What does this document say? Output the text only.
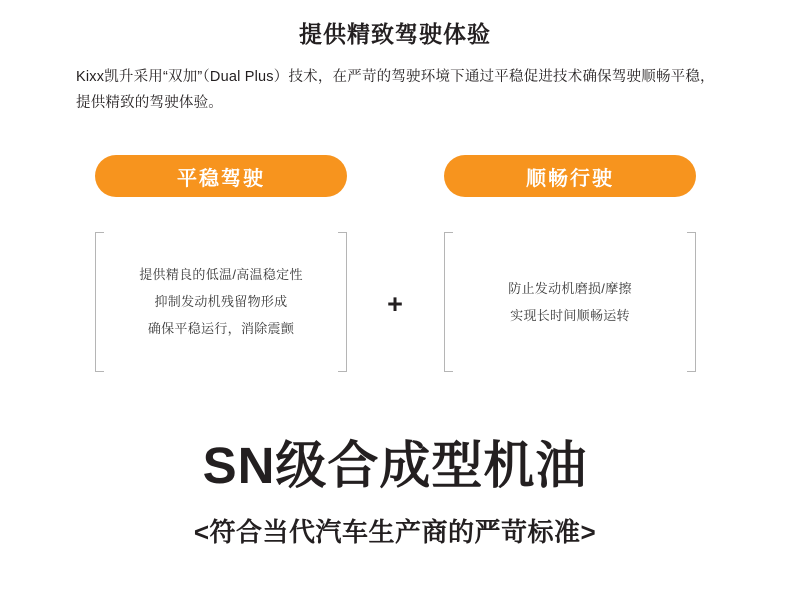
提供精致驾驶体验
Kixx凯升采用“双加”（Dual Plus）技术，在严苛的驾驶环境下通过平稳促进技术确保驾驶顺畅平稳，提供精致的驾驶体验。
平稳驾驶	顺畅行驶
提供精良的低温/高温稳定性
抑制发动机残留物形成
确保平稳运行，消除震颤
防止发动机磨损/摩擦
实现长时间顺畅运转
+
SN级合成型机油
<符合当代汽车生产商的严苛标准>
